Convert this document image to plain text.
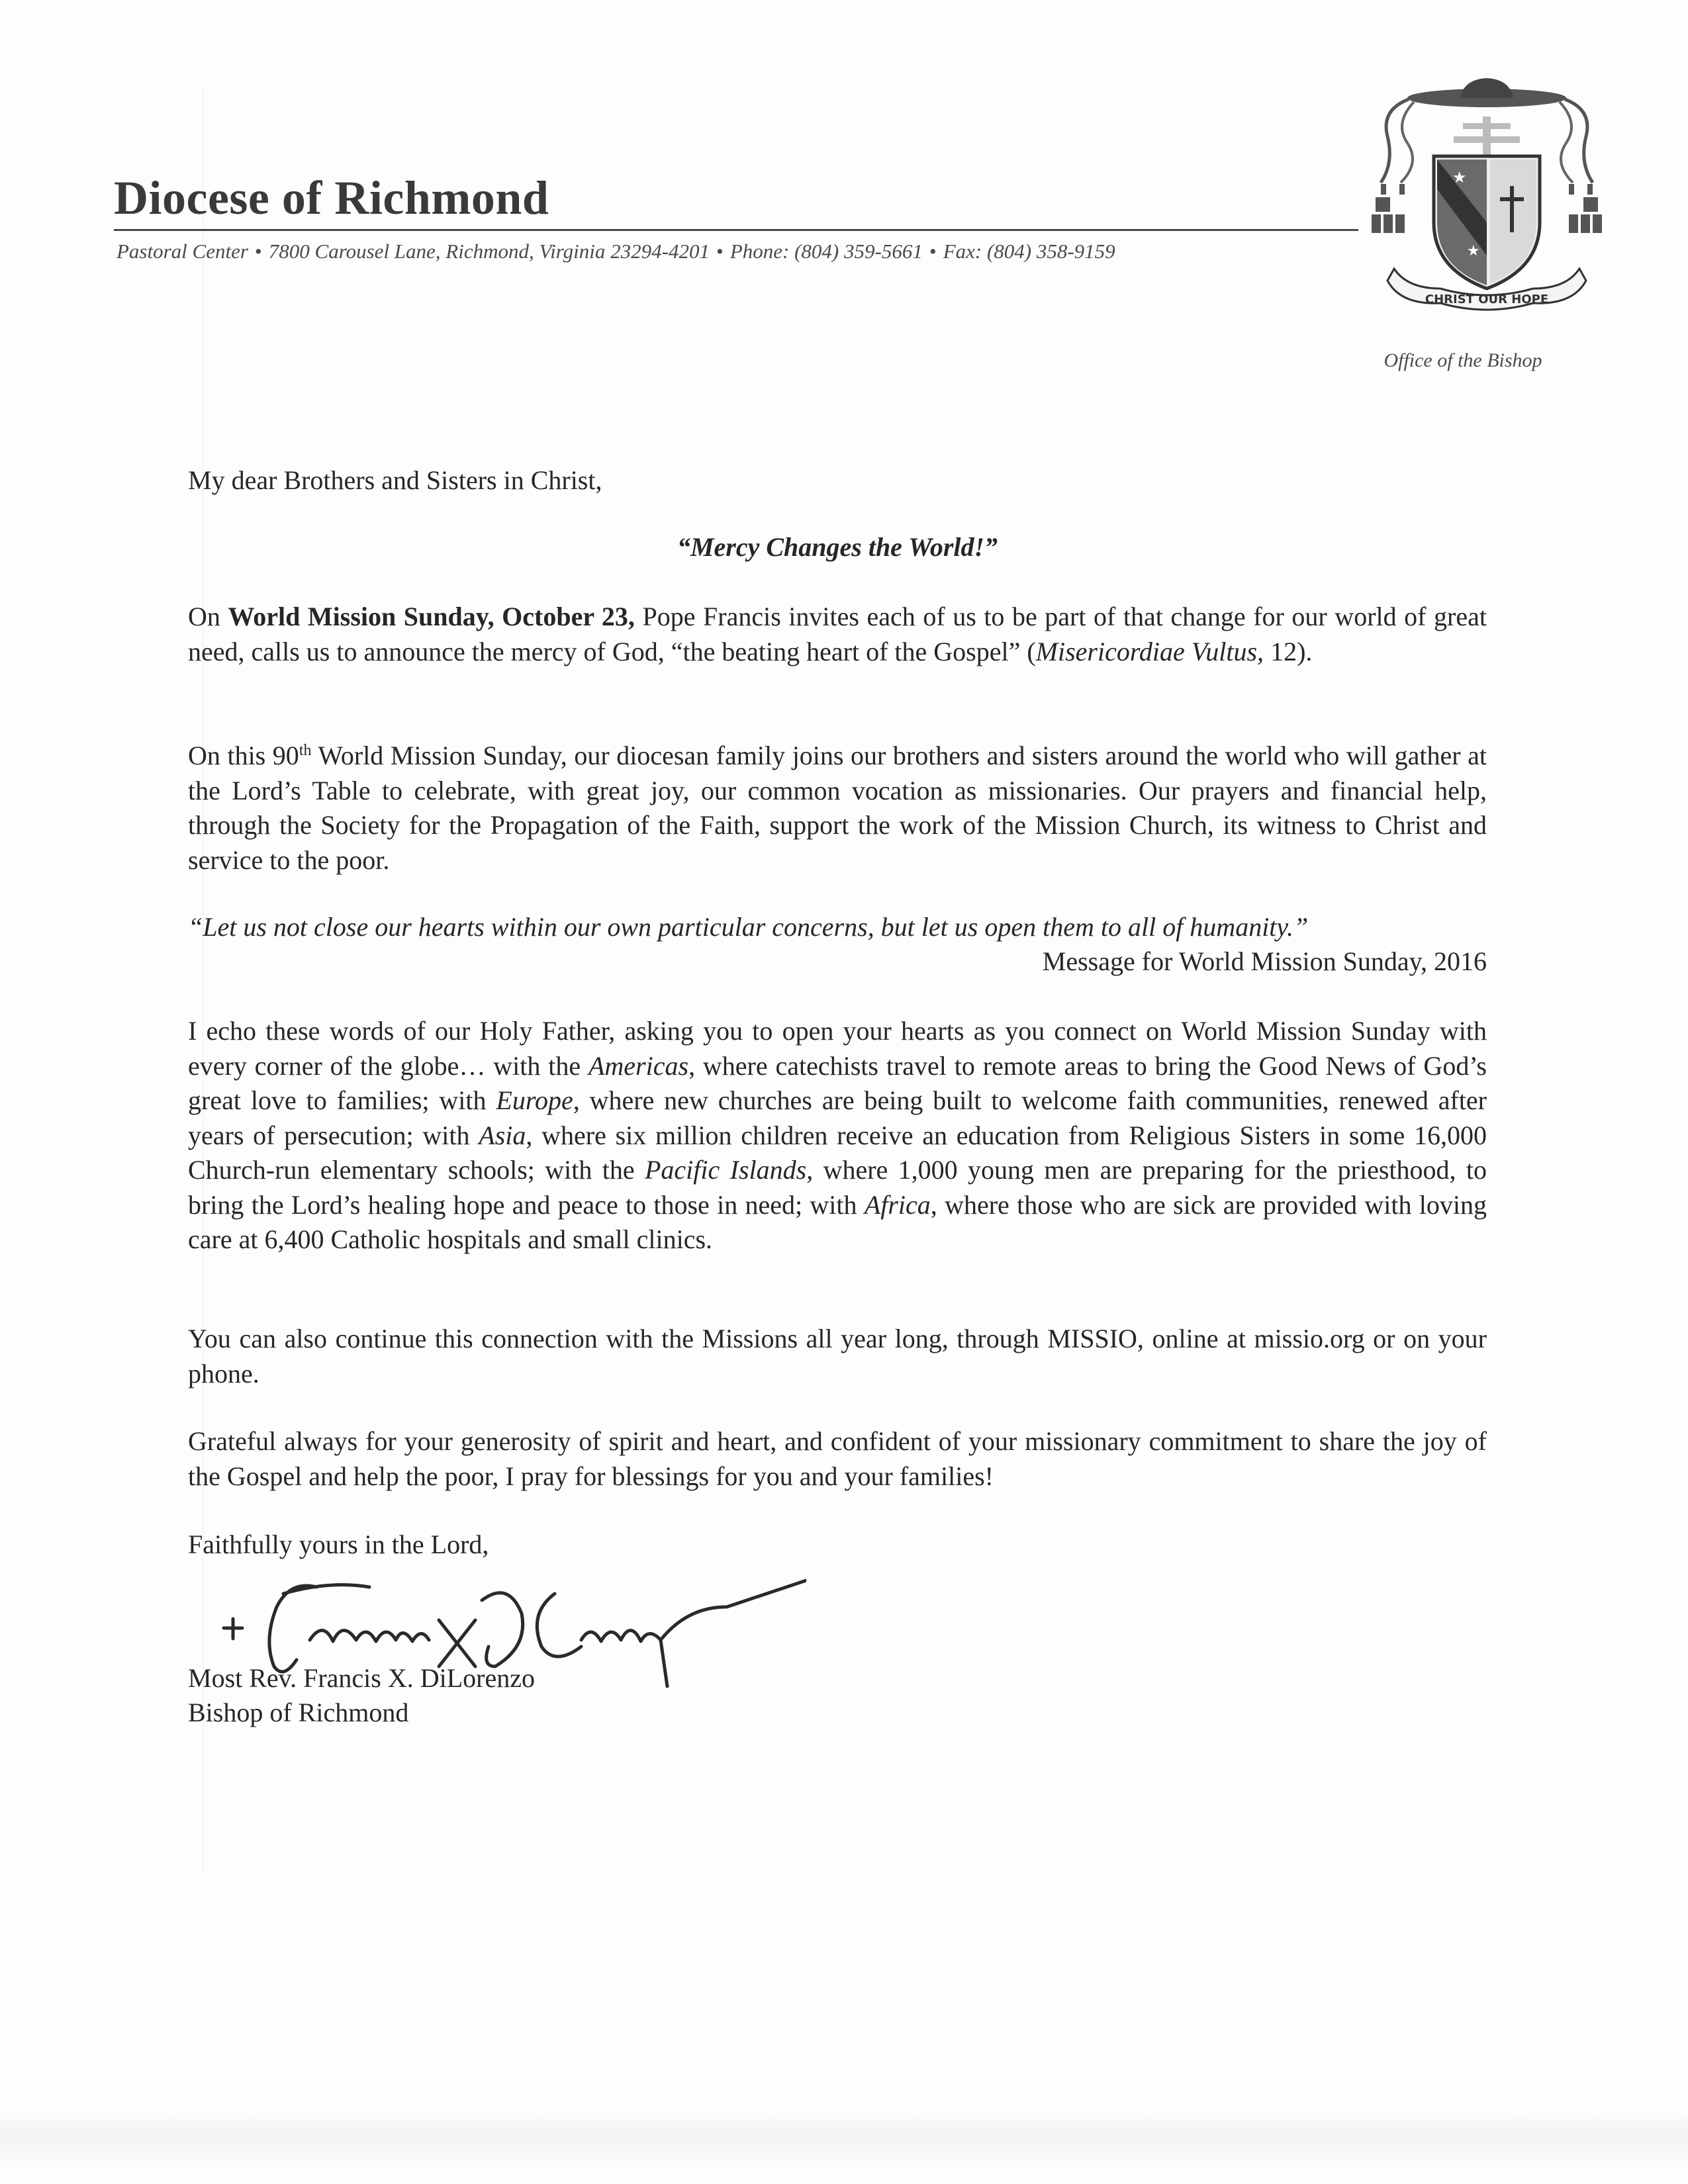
Diocese of Richmond
Pastoral Center • 7800 Carousel Lane, Richmond, Virginia 23294-4201 • Phone: (804) 359-5661 • Fax: (804) 358-9159
★
★
CHRIST OUR HOPE
Office of the Bishop
My dear Brothers and Sisters in Christ,
“Mercy Changes the World!”
On World Mission Sunday, October 23, Pope Francis invites each of us to be part of that change for our world of great need, calls us to announce the mercy of God, “the beating heart of the Gospel” (Misericordiae Vultus, 12).
On this 90th World Mission Sunday, our diocesan family joins our brothers and sisters around the world who will gather at the Lord’s Table to celebrate, with great joy, our common vocation as missionaries. Our prayers and financial help, through the Society for the Propagation of the Faith, support the work of the Mission Church, its witness to Christ and service to the poor.
“Let us not close our hearts within our own particular concerns, but let us open them to all of humanity.”
Message for World Mission Sunday, 2016
I echo these words of our Holy Father, asking you to open your hearts as you connect on World Mission Sunday with every corner of the globe… with the Americas, where catechists travel to remote areas to bring the Good News of God’s great love to families; with Europe, where new churches are being built to welcome faith communities, renewed after years of persecution; with Asia, where six million children receive an education from Religious Sisters in some 16,000 Church-run elementary schools; with the Pacific Islands, where 1,000 young men are preparing for the priesthood, to bring the Lord’s healing hope and peace to those in need; with Africa, where those who are sick are provided with loving care at 6,400 Catholic hospitals and small clinics.
You can also continue this connection with the Missions all year long, through MISSIO, online at missio.org or on your phone.
Grateful always for your generosity of spirit and heart, and confident of your missionary commitment to share the joy of the Gospel and help the poor, I pray for blessings for you and your families!
Faithfully yours in the Lord,
Most Rev. Francis X. DiLorenzo
Bishop of Richmond
